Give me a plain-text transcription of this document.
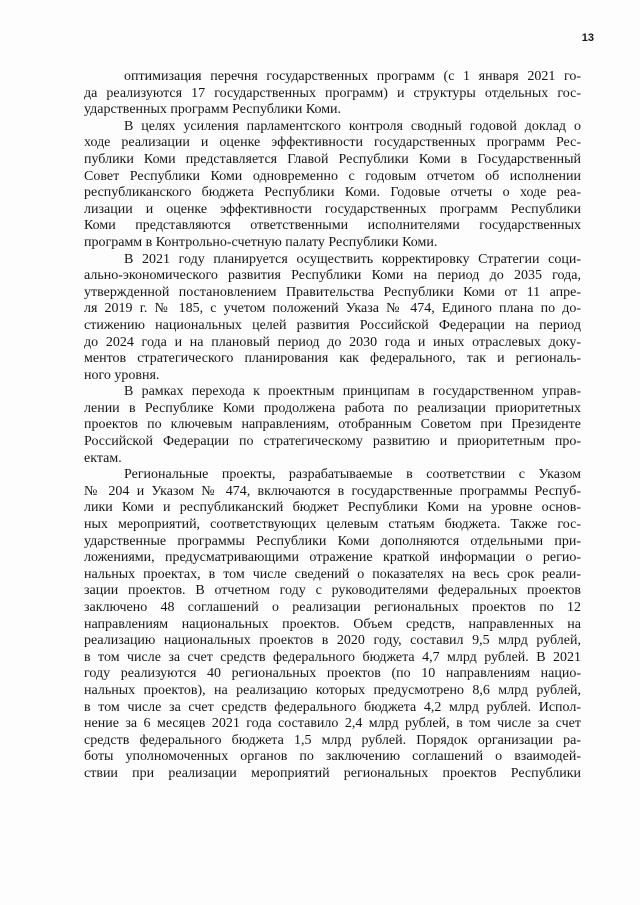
13

оптимизация перечня государственных программ (с 1 января 2021 го-
да реализуются 17 государственных программ) и структуры отдельных гос-
ударственных программ Республики Коми.

В целях усиления парламентского контроля сводный годовой доклад о
ходе реализации и оценке эффективности государственных программ Рес-
публики Коми представляется Главой Республики Коми в Государственный
Совет Республики Коми одновременно с годовым отчетом об исполнении
республиканского бюджета Республики Коми. Годовые отчеты о ходе реа-
лизации и оценке эффективности государственных программ Республики
Коми представляются ответственными исполнителями государственных
программ в Контрольно-счетную палату Республики Коми.

В 2021 году планируется осуществить корректировку Стратегии соци-
ально-экономического развития Республики Коми на период до 2035 года,
утвержденной постановлением Правительства Республики Коми от 11 апре-
ля 2019 г. № 185, с учетом положений Указа № 474, Единого плана по до-
стижению национальных целей развития Российской Федерации на период
до 2024 года и на плановый период до 2030 года и иных отраслевых доку-
ментов стратегического планирования как федерального, так и региональ-
ного уровня.

В рамках перехода к проектным принципам в государственном управ-
лении в Республике Коми продолжена работа по реализации приоритетных
проектов по ключевым направлениям, отобранным Советом при Президенте
Российской Федерации по стратегическому развитию и приоритетным про-
ектам.

Региональные проекты, разрабатываемые в соответствии с Указом
№ 204 и Указом № 474, включаются в государственные программы Респуб-
лики Коми и республиканский бюджет Республики Коми на уровне основ-
ных мероприятий, соответствующих целевым статьям бюджета. Также гос-
ударственные программы Республики Коми дополняются отдельными при-
ложениями, предусматривающими отражение краткой информации о регио-
нальных проектах, в том числе сведений о показателях на весь срок реали-
зации проектов. В отчетном году с руководителями федеральных проектов
заключено 48 соглашений о реализации региональных проектов по 12
направлениям национальных проектов. Объем средств, направленных на
реализацию национальных проектов в 2020 году, составил 9,5 млрд рублей,
в том числе за счет средств федерального бюджета 4,7 млрд рублей. В 2021
году реализуются 40 региональных проектов (по 10 направлениям нацио-
нальных проектов), на реализацию которых предусмотрено 8,6 млрд рублей,
в том числе за счет средств федерального бюджета 4,2 млрд рублей. Испол-
нение за 6 месяцев 2021 года составило 2,4 млрд рублей, в том числе за счет
средств федерального бюджета 1,5 млрд рублей. Порядок организации ра-
боты уполномоченных органов по заключению соглашений о взаимодей-
ствии при реализации мероприятий региональных проектов Республики
